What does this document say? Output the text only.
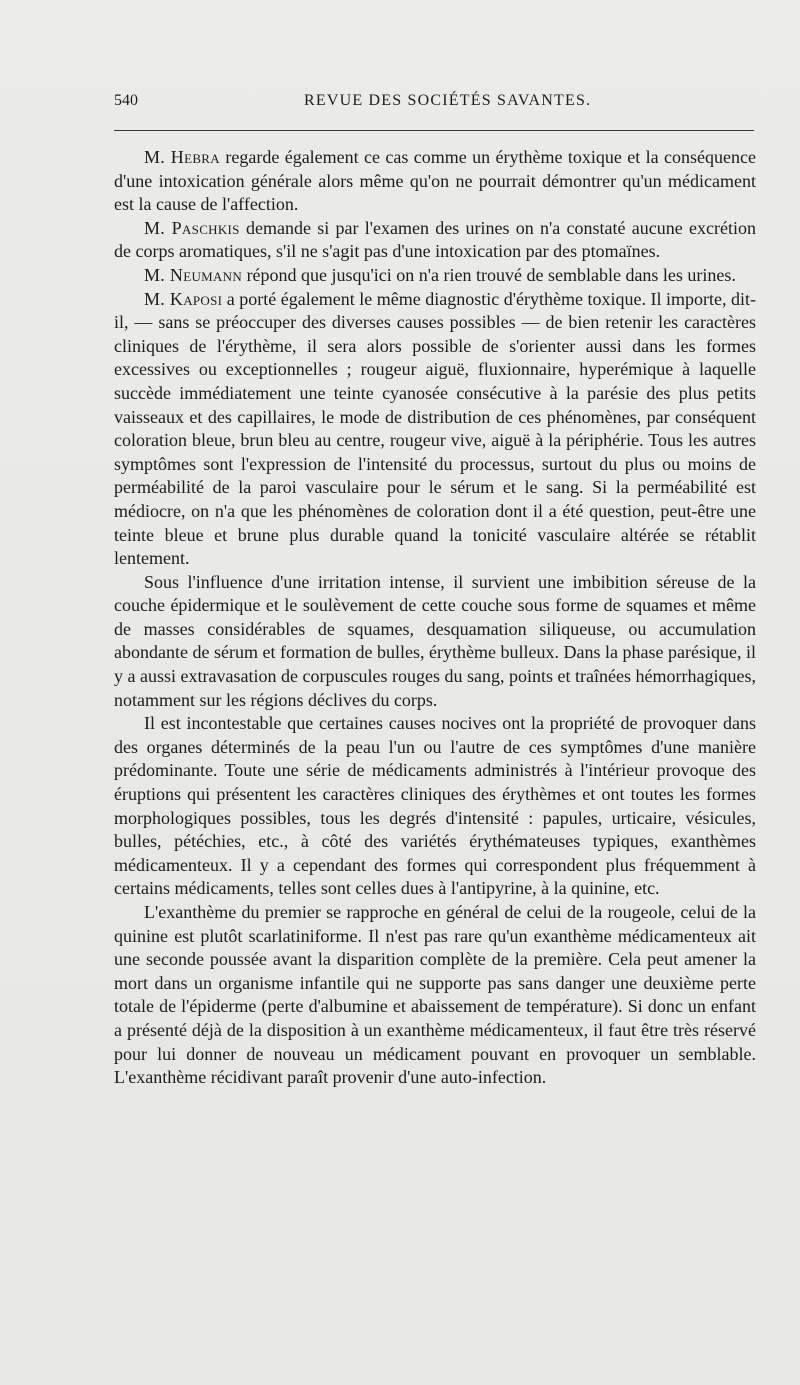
540	REVUE DES SOCIÉTÉS SAVANTES.

M. Hebra regarde également ce cas comme un érythème toxique et la conséquence d'une intoxication générale alors même qu'on ne pourrait démontrer qu'un médicament est la cause de l'affection.

M. Paschkis demande si par l'examen des urines on n'a constaté aucune excrétion de corps aromatiques, s'il ne s'agit pas d'une intoxication par des ptomaïnes.

M. Neumann répond que jusqu'ici on n'a rien trouvé de semblable dans les urines.

M. Kaposi a porté également le même diagnostic d'érythème toxique. Il importe, dit-il, — sans se préoccuper des diverses causes possibles — de bien retenir les caractères cliniques de l'érythème, il sera alors possible de s'orienter aussi dans les formes excessives ou exceptionnelles ; rougeur aiguë, fluxionnaire, hyperémique à laquelle succède immédiatement une teinte cyanosée consécutive à la parésie des plus petits vaisseaux et des capillaires, le mode de distribution de ces phénomènes, par conséquent coloration bleue, brun bleu au centre, rougeur vive, aiguë à la périphérie. Tous les autres symptômes sont l'expression de l'intensité du processus, surtout du plus ou moins de perméabilité de la paroi vasculaire pour le sérum et le sang. Si la perméabilité est médiocre, on n'a que les phénomènes de coloration dont il a été question, peut-être une teinte bleue et brune plus durable quand la tonicité vasculaire altérée se rétablit lentement.

Sous l'influence d'une irritation intense, il survient une imbibition séreuse de la couche épidermique et le soulèvement de cette couche sous forme de squames et même de masses considérables de squames, desquamation siliqueuse, ou accumulation abondante de sérum et formation de bulles, érythème bulleux. Dans la phase parésique, il y a aussi extravasation de corpuscules rouges du sang, points et traînées hémorrhagiques, notamment sur les régions déclives du corps.

Il est incontestable que certaines causes nocives ont la propriété de provoquer dans des organes déterminés de la peau l'un ou l'autre de ces symptômes d'une manière prédominante. Toute une série de médicaments administrés à l'intérieur provoque des éruptions qui présentent les caractères cliniques des érythèmes et ont toutes les formes morphologiques possibles, tous les degrés d'intensité : papules, urticaire, vésicules, bulles, pétéchies, etc., à côté des variétés érythémateuses typiques, exanthèmes médicamenteux. Il y a cependant des formes qui correspondent plus fréquemment à certains médicaments, telles sont celles dues à l'antipyrine, à la quinine, etc.

L'exanthème du premier se rapproche en général de celui de la rougeole, celui de la quinine est plutôt scarlatiniforme. Il n'est pas rare qu'un exanthème médicamenteux ait une seconde poussée avant la disparition complète de la première. Cela peut amener la mort dans un organisme infantile qui ne supporte pas sans danger une deuxième perte totale de l'épiderme (perte d'albumine et abaissement de température). Si donc un enfant a présenté déjà de la disposition à un exanthème médicamenteux, il faut être très réservé pour lui donner de nouveau un médicament pouvant en provoquer un semblable. L'exanthème récidivant paraît provenir d'une auto-infection.
